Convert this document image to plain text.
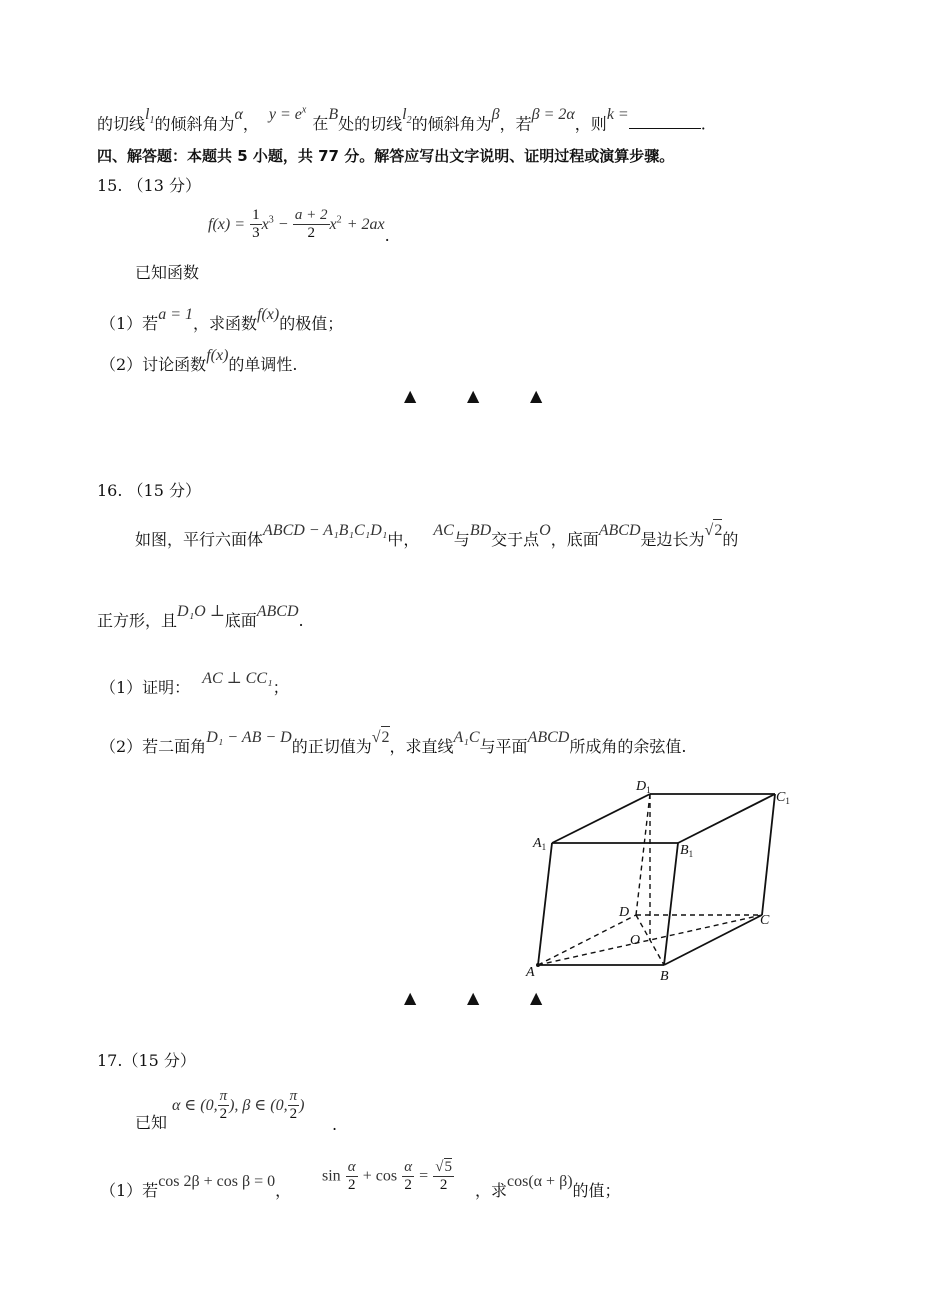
的切线$l_1$的倾斜角为α， $y = e^x$在B处的切线$l_2$的倾斜角为β，若β = 2α，则k =	.
四、解答题：本题共 5 小题，共 77 分。解答应写出文字说明、证明过程或演算步骤。
15. （13 分）
$f(x) = \frac{1}{3} x^3 - \frac{a + 2}{2} x^2 + 2ax$.
已知函数
（1）若a = 1，求函数f(x)的极值；
（2）讨论函数f(x)的单调性.
▲	▲	▲
16. （15 分）
如图，平行六面体ABCD − A₁B₁C₁D₁中， AC与BD交于点O，底面ABCD是边长为√2的
正方形，且D₁O ⊥底面ABCD.
（1）证明： AC ⊥ CC₁；
（2）若二面角D₁ − AB − D的正切值为√2，求直线A₁C与平面ABCD所成角的余弦值.
$D_1$	$C_1$
$A_1$	$B_1$
D
C
O
A	B
▲	▲	▲
17.（15 分）
α ∈ (0, $\frac{\pi}{2}$ ), β ∈ (0, $\frac{\pi}{2}$ )
已知	.
（1）若cos 2β + cos β = 0，
$\sin \frac{\alpha}{2} + \cos \frac{\alpha}{2} = \frac{√5}{2}$ ，求cos(α + β)的值；
